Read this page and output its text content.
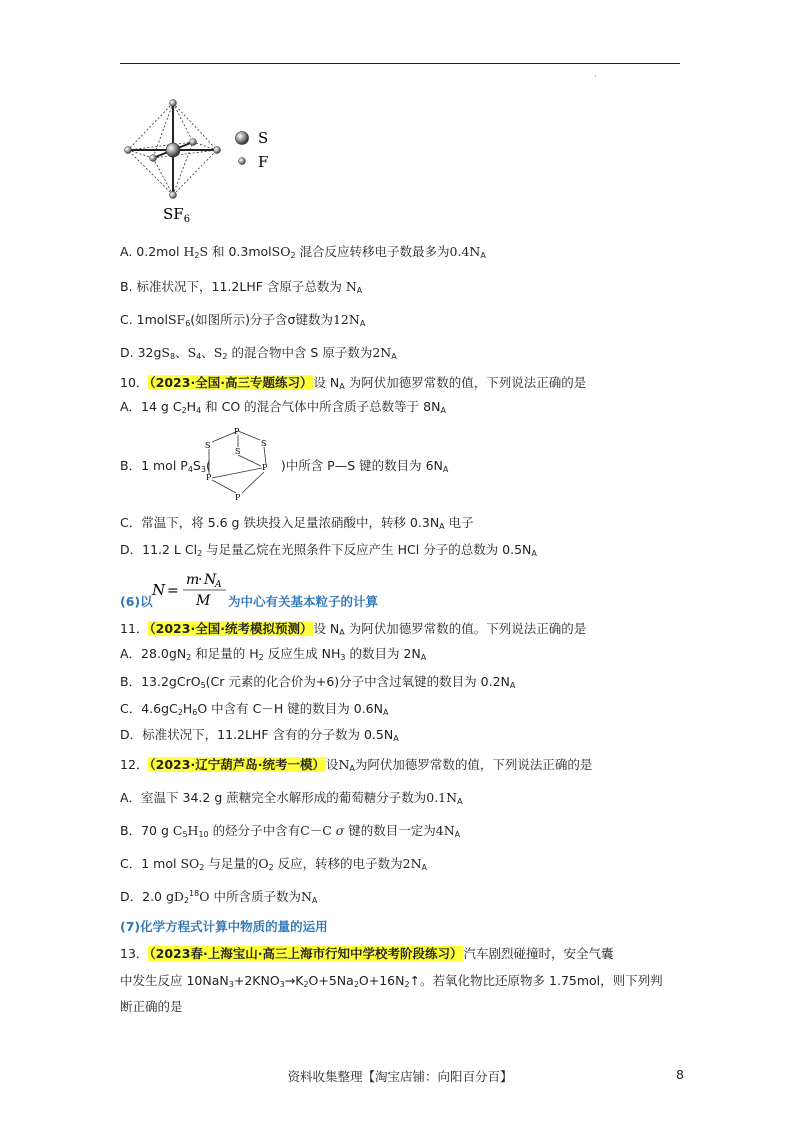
·
S
F
$SF_6$
A. 0.2mol $H_2S$ 和 0.3molSO$_2$ 混合反应转移电子数最多为$0.4N_A$
B. 标准状况下，11.2LHF 含原子总数为 $N_A$
C. 1molSF$_6$(如图所示)分子含σ键数为$12N_A$
D. $32gS_8$、$S_4$、$S_2$ 的混合物中含 S 原子数为$2N_A$
10．（2023·全国·高三专题练习）设 $N_A$ 为阿伏加德罗常数的值，下列说法正确的是
A．14 g $C_2H_4$ 和 CO 的混合气体中所含质子总数等于 $8N_A$
B．1 mol $P_4S_3$(	)中所含 P—S 键的数目为 $6N_A$
P
S	S
S
P
P
P
C．常温下，将 5.6 g 铁块投入足量浓硝酸中，转移 $0.3N_A$ 电子
D．11.2 L $Cl_2$ 与足量乙烷在光照条件下反应产生 HCl 分子的总数为 $0.5N_A$
(6)以
N =
m
· N
A
M 为中心有关基本粒子的计算
11．（2023·全国·统考模拟预测）设 $N_A$ 为阿伏加德罗常数的值。下列说法正确的是
A．$28.0gN_2$ 和足量的 $H_2$ 反应生成 $NH_3$ 的数目为 $2N_A$
B．13.2gCrO$_5$(Cr 元素的化合价为+6)分子中含过氧键的数目为 $0.2N_A$
C．$4.6gC_2H_6O$ 中含有 C－H 键的数目为 $0.6N_A$
D．标准状况下，11.2LHF 含有的分子数为 $0.5N_A$
12．（2023·辽宁葫芦岛·统考一模）设$N_A$为阿伏加德罗常数的值，下列说法正确的是
A．室温下 34.2 g 蔗糖完全水解形成的葡萄糖分子数为$0.1N_A$
B．70 g $C_5H_{10}$ 的烃分子中含有C－C σ 键的数目一定为$4N_A$
C．1 mol $SO_2$ 与足量的$O_2$ 反应，转移的电子数为$2N_A$
D．2.0 $gD_2^{18}O$ 中所含质子数为$N_A$
(7)化学方程式计算中物质的量的运用
13．（2023春·上海宝山·高三上海市行知中学校考阶段练习）汽车剧烈碰撞时，安全气囊
中发生反应 $10NaN_3+2KNO_3\to K_2O+5Na_2O+16N_2↑$。若氧化物比还原物多 1.75mol，则下列判
断正确的是
资料收集整理【淘宝店铺：向阳百分百】	8
